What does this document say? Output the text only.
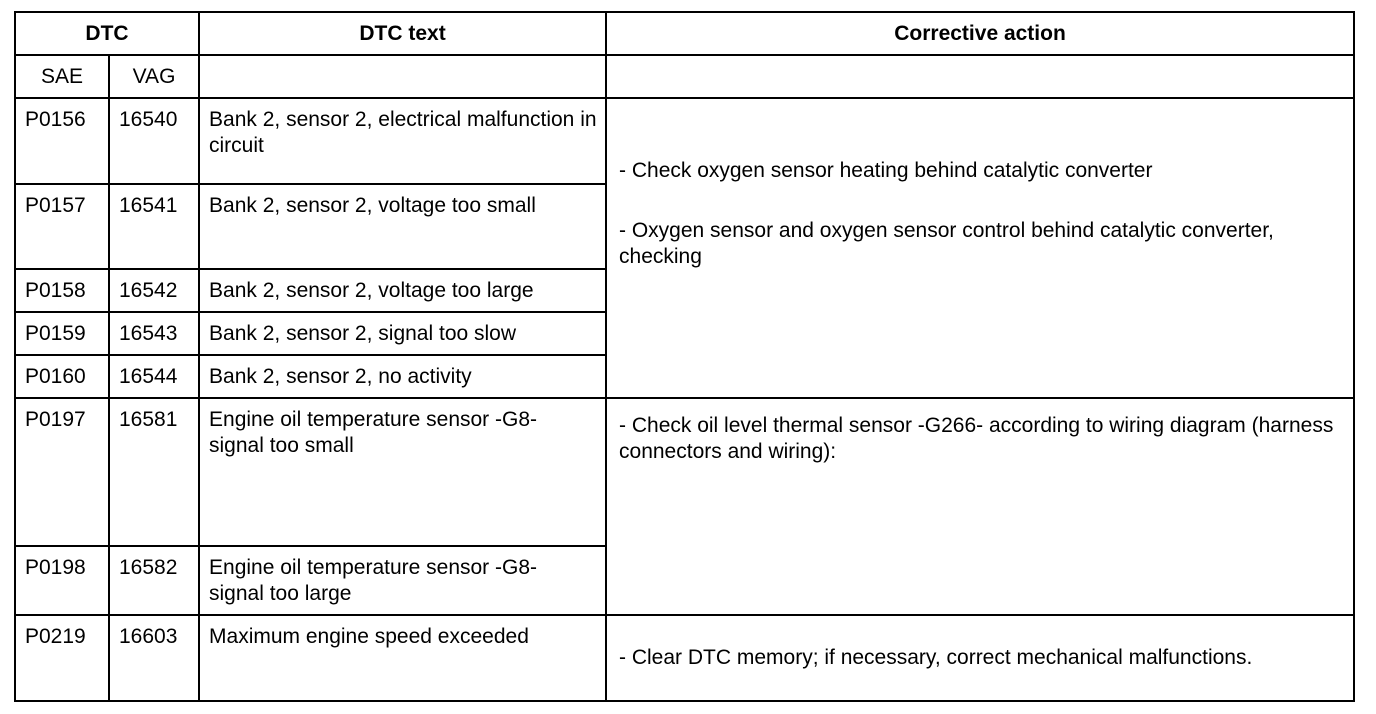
DTC		DTC text	Corrective action
SAE	VAG		
P0156	16540	Bank 2, sensor 2, electrical malfunction in circuit	- Check oxygen sensor heating behind catalytic converter
- Oxygen sensor and oxygen sensor control behind catalytic converter, checking

P0157	16541	Bank 2, sensor 2, voltage too small	
P0158	16542	Bank 2, sensor 2, voltage too large	
P0159	16543	Bank 2, sensor 2, signal too slow	
P0160	16544	Bank 2, sensor 2, no activity	
P0197	16581	Engine oil temperature sensor -G8- signal too small	- Check oil level thermal sensor -G266- according to wiring diagram (harness connectors and wiring):

P0198	16582	Engine oil temperature sensor -G8- signal too large	
P0219	16603	Maximum engine speed exceeded	- Clear DTC memory; if necessary, correct mechanical malfunctions.
